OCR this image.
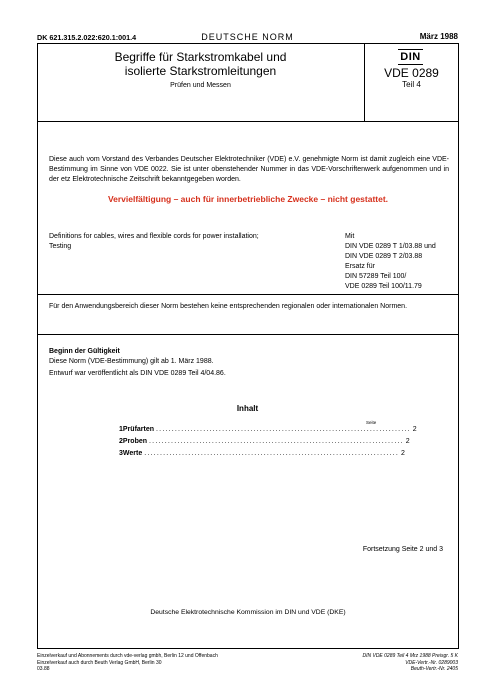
DK 621.315.2.022:620.1:001.4	DEUTSCHE NORM	März 1988
Begriffe für Starkstromkabel und
isolierte Starkstromleitungen
Prüfen und Messen
DIN
VDE 0289
Teil 4
Diese auch vom Vorstand des Verbandes Deutscher Elektrotechniker (VDE) e.V. genehmigte Norm ist damit zugleich eine VDE-Bestimmung im Sinne von VDE 0022. Sie ist unter obenstehender Nummer in das VDE-Vorschriftenwerk aufgenommen und in der etz Elektrotechnische Zeitschrift bekanntgegeben worden.
Vervielfältigung – auch für innerbetriebliche Zwecke – nicht gestattet.
Definitions for cables, wires and flexible cords for power installation;
Testing
Mit
DIN VDE 0289 T 1/03.88 und
DIN VDE 0289 T 2/03.88
Ersatz für
DIN 57289 Teil 100/
VDE 0289 Teil 100/11.79
Für den Anwendungsbereich dieser Norm bestehen keine entsprechenden regionalen oder internationalen Normen.
Beginn der Gültigkeit
Diese Norm (VDE-Bestimmung) gilt ab 1. März 1988.
Entwurf war veröffentlicht als DIN VDE 0289 Teil 4/04.86.
Inhalt
Seite
1 Prüfarten ................................................................................. 2
2 Proben ................................................................................. 2
3 Werte ................................................................................. 2
Fortsetzung Seite 2 und 3
Deutsche Elektrotechnische Kommission im DIN und VDE (DKE)
Einzelverkauf und Abonnements durch vde-verlag gmbh, Berlin 12 und Offenbach
Einzelverkauf auch durch Beuth Verlag GmbH, Berlin 30
03.88
DIN VDE 0289 Teil 4 Mrz 1988 Preisgr. 5 K
VDE-Vertr.-Nr. 0289003
Beuth-Vertr.-Nr. 2405
